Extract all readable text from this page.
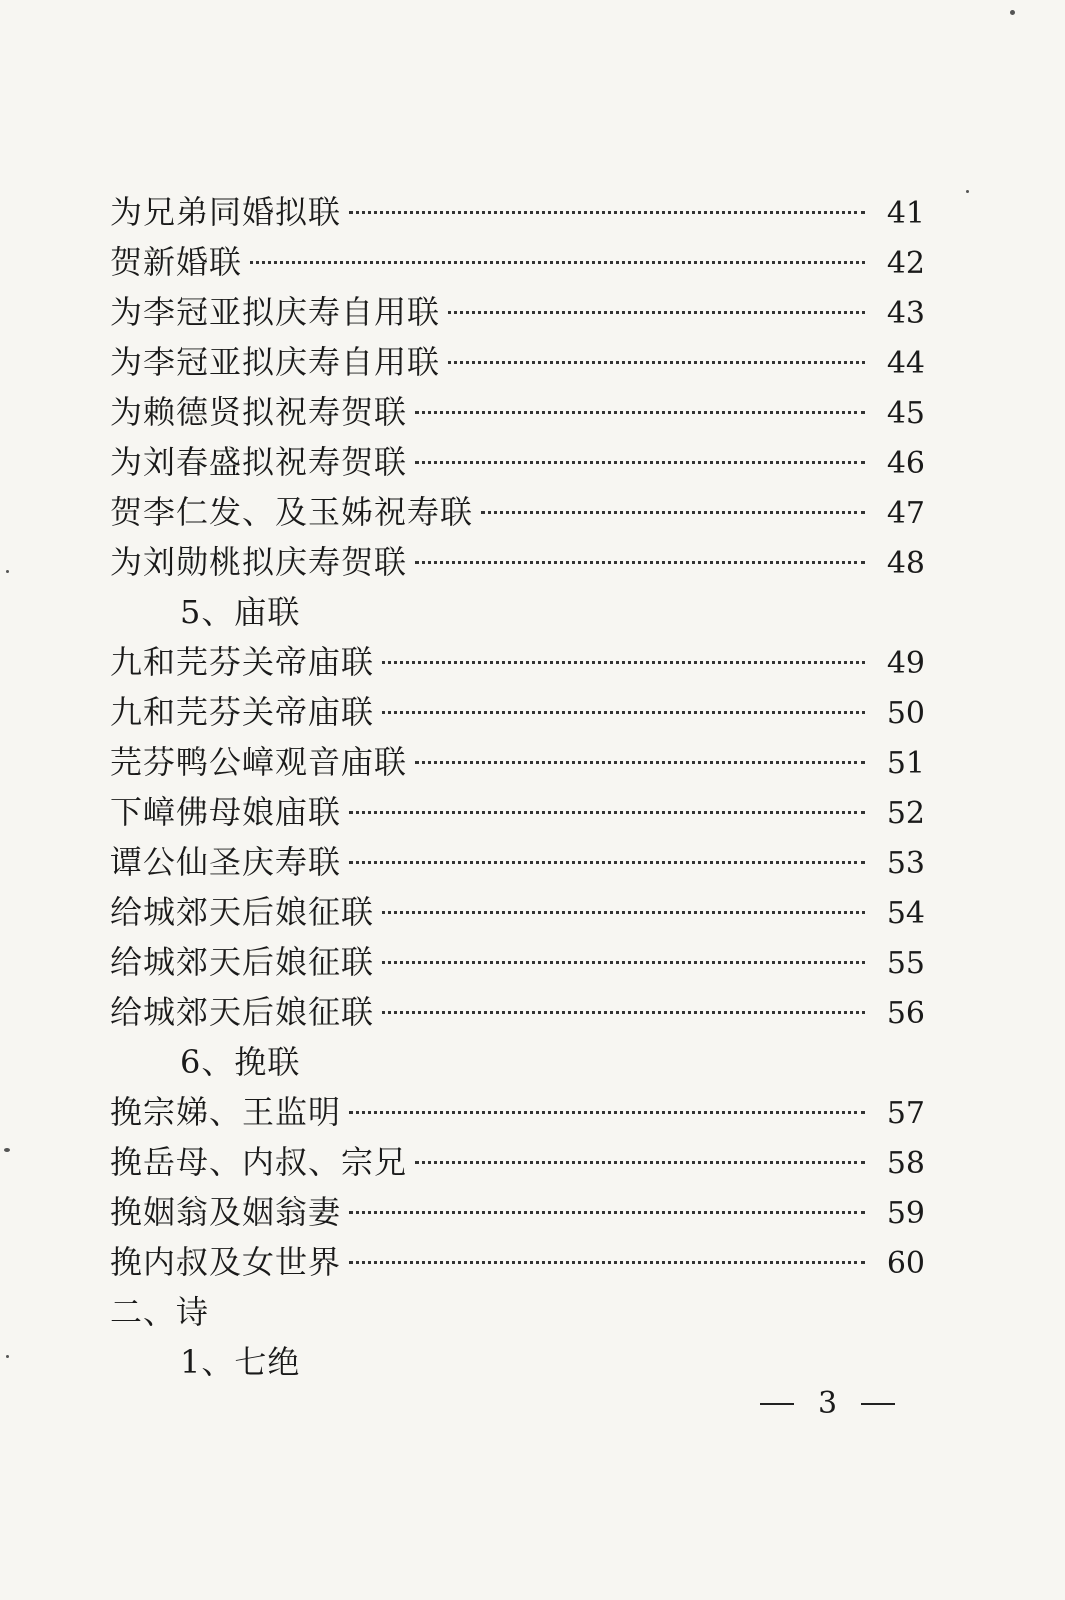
为兄弟同婚拟联	41
贺新婚联	42
为李冠亚拟庆寿自用联	43
为李冠亚拟庆寿自用联	44
为赖德贤拟祝寿贺联	45
为刘春盛拟祝寿贺联	46
贺李仁发、及玉姊祝寿联	47
为刘勋桃拟庆寿贺联	48
5、庙联
九和芫芬关帝庙联	49
九和芫芬关帝庙联	50
芫芬鸭公嶂观音庙联	51
下嶂佛母娘庙联	52
谭公仙圣庆寿联	53
给城郊天后娘征联	54
给城郊天后娘征联	55
给城郊天后娘征联	56
6、挽联
挽宗娣、王监明	57
挽岳母、内叔、宗兄	58
挽姻翁及姻翁妻	59
挽内叔及女世界	60
二、诗
1、七绝
3
